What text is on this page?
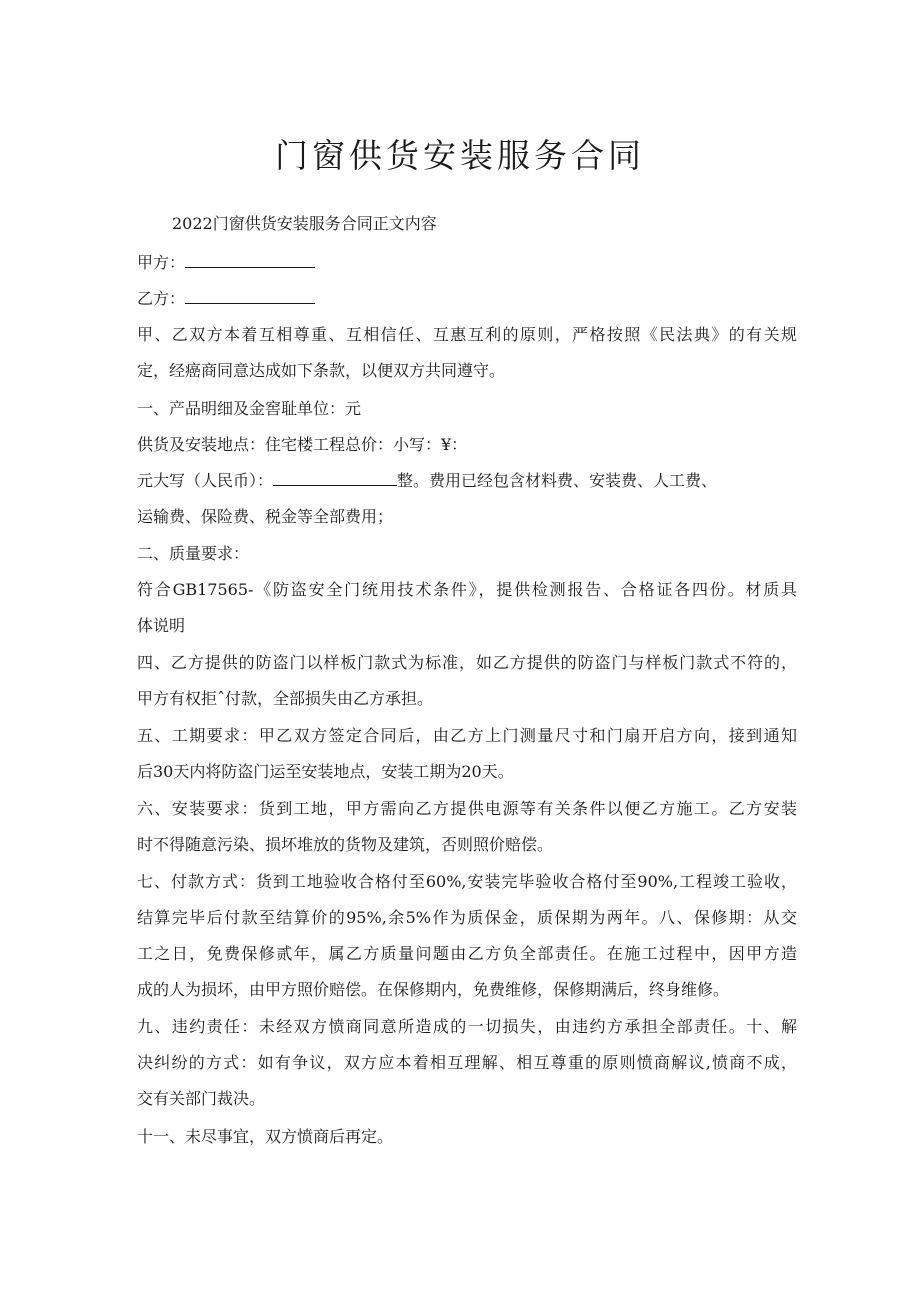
门窗供货安装服务合同
2022门窗供货安装服务合同正文内容
甲方：
乙方：
甲、乙双方本着互相尊重、互相信任、互惠互利的原则，严格按照《民法典》的有关规
定，经癌商同意达成如下条款，以便双方共同遵守。
一、产品明细及金窖耻单位：元
供货及安装地点：住宅楼工程总价：小写：¥：
元大写（人民币）：	整。费用已经包含材料费、安装费、人工费、
运输费、保险费、税金等全部费用；
二、质量要求：
符合GB17565-《防盗安全门统用技术条件》，提供检测报告、合格证各四份。材质具
体说明
四、乙方提供的防盗门以样板门款式为标准，如乙方提供的防盗门与样板门款式不符的，
甲方有权拒ˆ付款，全部损失由乙方承担。
五、工期要求：甲乙双方签定合同后，由乙方上门测量尺寸和门扇开启方向，接到通知
后30天内将防盗门运至安装地点，安装工期为20天。
六、安装要求：货到工地，甲方需向乙方提供电源等有关条件以便乙方施工。乙方安装
时不得随意污染、损坏堆放的货物及建筑，否则照价赔偿。
七、付款方式：货到工地验收合格付至60%,安装完毕验收合格付至90%,工程竣工验收，
结算完毕后付款至结算价的95%,余5%作为质保金，质保期为两年。八、保修期：从交
工之日，免费保修贰年，属乙方质量问题由乙方负全部责任。在施工过程中，因甲方造
成的人为损坏，由甲方照价赔偿。在保修期内，免费维修，保修期满后，终身维修。
九、违约责任：未经双方愤商同意所造成的一切损失，由违约方承担全部责任。十、解
决纠纷的方式：如有争议，双方应本着相互理解、相互尊重的原则愤商解议,愤商不成，
交有关部门裁决。
十一、未尽事宜，双方愤商后再定。
